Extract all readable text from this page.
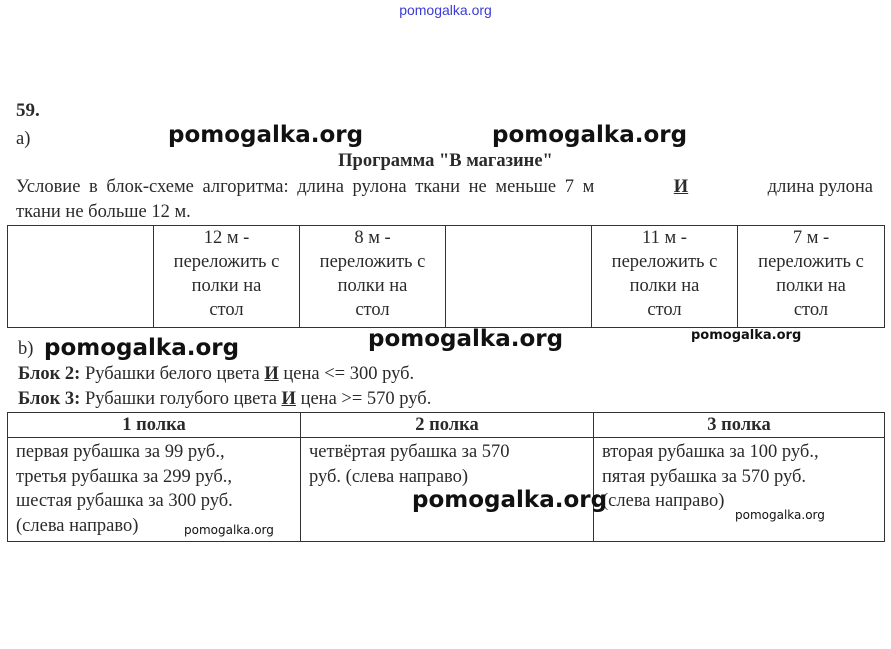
pomogalka.org
59.
a)
Программа "В магазине"
Условие в блок-схеме алгоритма: длина рулона ткани не меньше 7 м	И	длина рулона
ткани не больше 12 м.
	12 м -
переложить с
полки на
стол	8 м -
переложить с
полки на
стол		11 м -
переложить с
полки на
стол	7 м -
переложить с
полки на
стол
b)
Блок 2: Рубашки белого цвета И цена <= 300 руб.
Блок 3: Рубашки голубого цвета И цена >= 570 руб.
1 полка	2 полка	3 полка
первая рубашка за 99 руб.,
третья рубашка за 299 руб.,
шестая рубашка за 300 руб.
(слева направо)	четвёртая рубашка за 570
руб. (слева направо)	вторая рубашка за 100 руб.,
пятая рубашка за 570 руб.
(слева направо)
pomogalka.org	pomogalka.org
pomogalka.org	pomogalka.org	pomogalka.org
pomogalka.org
pomogalka.org
pomogalka.org
